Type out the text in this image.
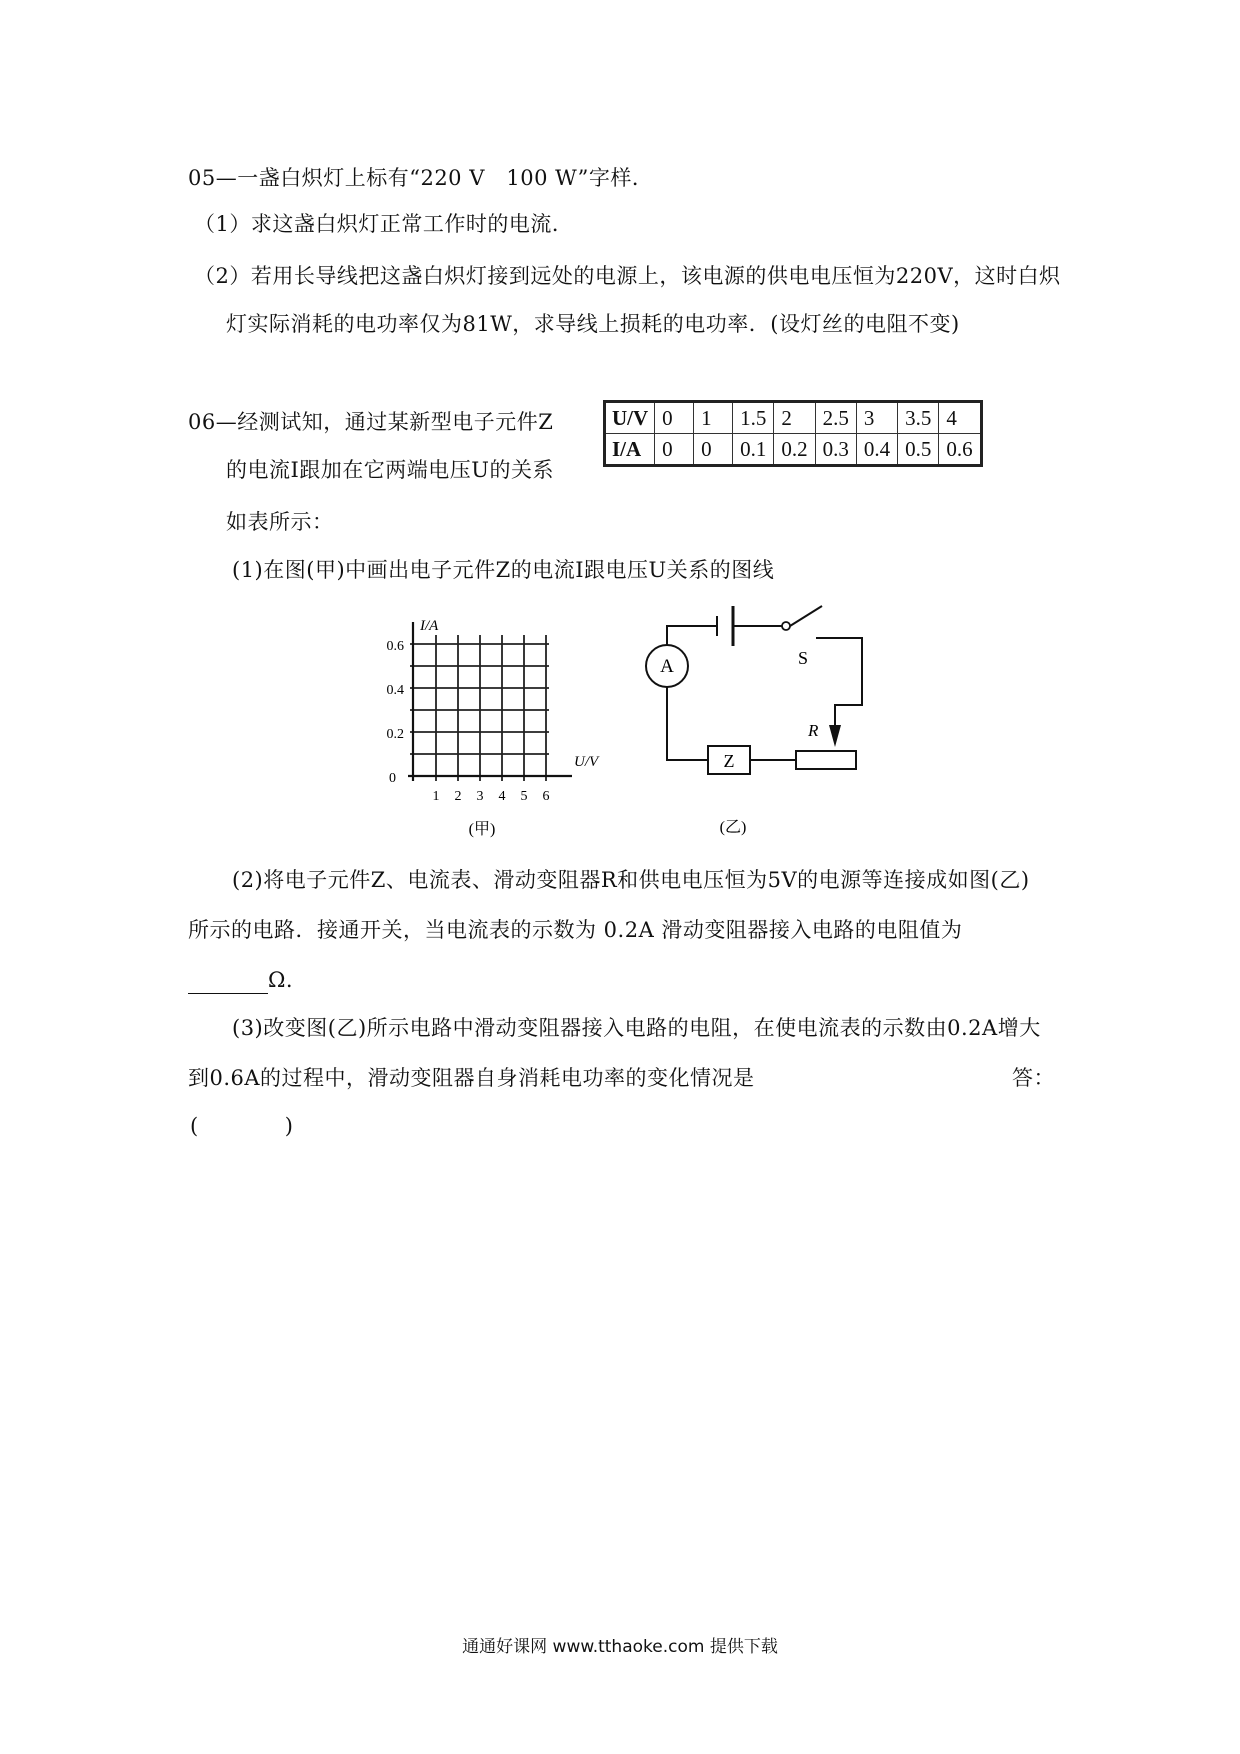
05—一盏白炽灯上标有“220 V　100 W”字样．
（1）求这盏白炽灯正常工作时的电流．
（2）若用长导线把这盏白炽灯接到远处的电源上，该电源的供电电压恒为220V，这时白炽
灯实际消耗的电功率仅为81W，求导线上损耗的电功率．(设灯丝的电阻不变)
06—经测试知，通过某新型电子元件Z
的电流I跟加在它两端电压U的关系
如表所示：
U/V	0	1	1.5	2	2.5	3	3.5	4
I/A	0	0	0.1	0.2	0.3	0.4	0.5	0.6
(1)在图(甲)中画出电子元件Z的电流I跟电压U关系的图线
I/A
U/V
0
0.2
0.4
0.6
1 2 3 4 5 6
(甲)
S
A
Z
R
(乙)
(2)将电子元件Z、电流表、滑动变阻器R和供电电压恒为5V的电源等连接成如图(乙)
所示的电路．接通开关，当电流表的示数为 0.2A 滑动变阻器接入电路的电阻值为
Ω.
(3)改变图(乙)所示电路中滑动变阻器接入电路的电阻，在使电流表的示数由0.2A增大
到0.6A的过程中，滑动变阻器自身消耗电功率的变化情况是	答：
(　　　　)
通通好课网 www.tthaoke.com 提供下载
